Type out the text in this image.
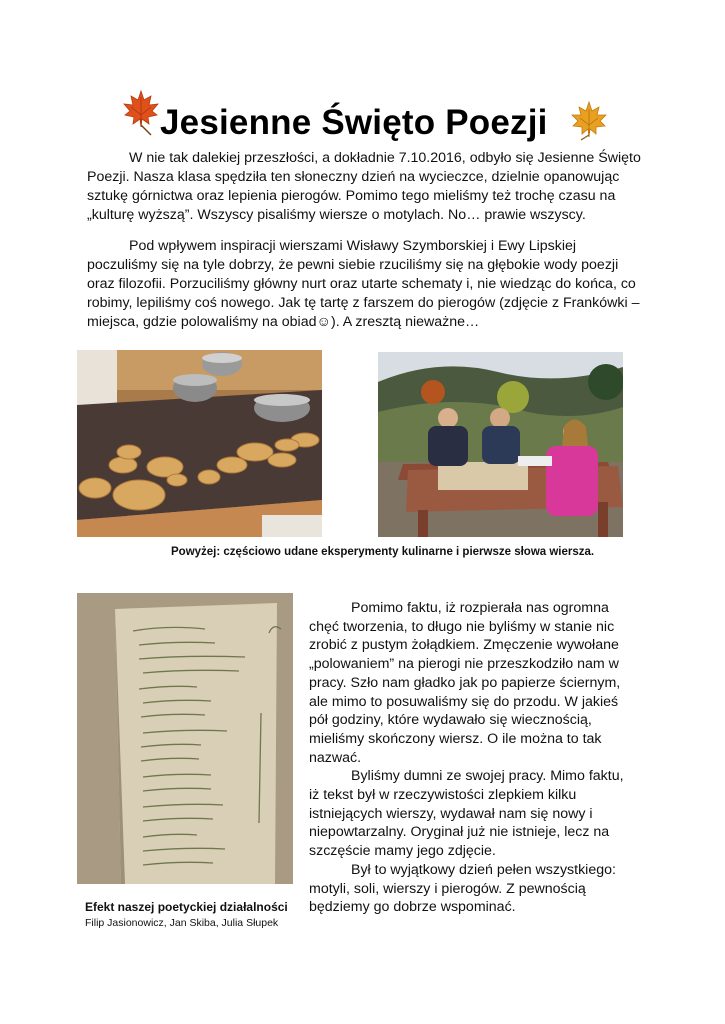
Jesienne Święto Poezji

W nie tak dalekiej przeszłości, a dokładnie 7.10.2016, odbyło się Jesienne Święto Poezji. Nasza klasa spędziła ten słoneczny dzień na wycieczce, dzielnie opanowując sztukę górnictwa oraz lepienia pierogów. Pomimo tego mieliśmy też trochę czasu na „kulturę wyższą”. Wszyscy pisaliśmy wiersze o motylach. No… prawie wszyscy.

Pod wpływem inspiracji wierszami Wisławy Szymborskiej i Ewy Lipskiej poczuliśmy się na tyle dobrzy, że pewni siebie rzuciliśmy się na głębokie wody poezji oraz filozofii. Porzuciliśmy główny nurt oraz utarte schematy i, nie wiedząc do końca, co robimy, lepiliśmy coś nowego. Jak tę tartę z farszem do pierogów (zdjęcie z Frankówki – miejsca, gdzie polowaliśmy na obiad☺). A zresztą nieważne…

Powyżej: częściowo udane eksperymenty kulinarne i pierwsze słowa wiersza.

Pomimo faktu, iż rozpierała nas ogromna chęć tworzenia, to długo nie byliśmy w stanie nic zrobić z pustym żołądkiem. Zmęczenie wywołane „polowaniem” na pierogi nie przeszkodziło nam w pracy. Szło nam gładko jak po papierze ściernym, ale mimo to posuwaliśmy się do przodu. W jakieś pół godziny, które wydawało się wiecznością, mieliśmy skończony wiersz. O ile można to tak nazwać.

Byliśmy dumni ze swojej pracy. Mimo faktu, iż tekst był w rzeczywistości zlepkiem kilku istniejących wierszy, wydawał nam się nowy i niepowtarzalny. Oryginał już nie istnieje, lecz na szczęście mamy jego zdjęcie.

Był to wyjątkowy dzień pełen wszystkiego: motyli, soli, wierszy i pierogów. Z pewnością będziemy go dobrze wspominać.

Efekt naszej poetyckiej działalności
Filip Jasionowicz, Jan Skiba, Julia Słupek
